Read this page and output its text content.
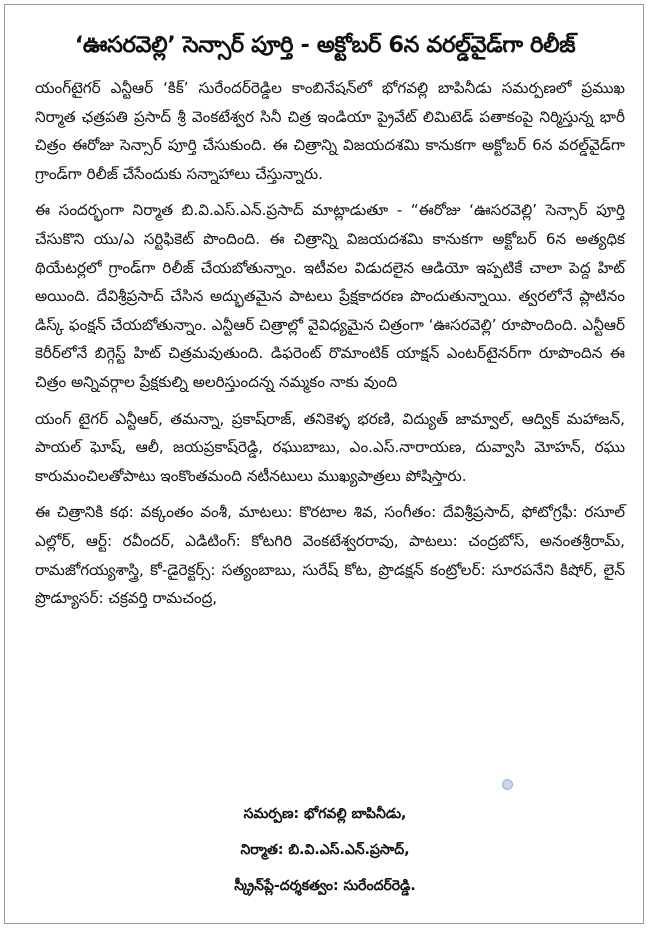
‘ఊసరవెల్లి’ సెన్సార్ పూర్తి - అక్టోబర్ 6న వరల్డ్‌వైడ్‌గా రిలీజ్

యంగ్‌టైగర్ ఎన్టీఆర్ ‘కిక్’ సురేందర్‌రెడ్డిల కాంబినేషన్‌లో భోగవల్లి బాపినీడు సమర్పణలో ప్రముఖ నిర్మాత ఛత్రపతి ప్రసాద్ శ్రీ వెంకటేశ్వర సినీ చిత్ర ఇండియా ప్రైవేట్ లిమిటెడ్ పతాకంపై నిర్మిస్తున్న భారీ చిత్రం ఈరోజు సెన్సార్ పూర్తి చేసుకుంది. ఈ చిత్రాన్ని విజయదశమి కానుకగా అక్టోబర్ 6న వరల్డ్‌వైడ్‌గా గ్రాండ్‌గా రిలీజ్ చేసేందుకు సన్నాహాలు చేస్తున్నారు.

ఈ సందర్భంగా నిర్మాత బి.వి.ఎస్.ఎన్.ప్రసాద్ మాట్లాడుతూ - “ఈరోజు ‘ఊసరవెల్లి’ సెన్సార్ పూర్తి చేసుకొని యు/ఎ సర్టిఫికెట్ పొందింది. ఈ చిత్రాన్ని విజయదశమి కానుకగా అక్టోబర్ 6న అత్యధిక థియేటర్లలో గ్రాండ్‌గా రిలీజ్ చేయబోతున్నాం. ఇటీవల విడుదలైన ఆడియో ఇప్పటికే చాలా పెద్ద హిట్ అయింది. దేవిశ్రీప్రసాద్ చేసిన అద్భుతమైన పాటలు ప్రేక్షకాదరణ పొందుతున్నాయి. త్వరలోనే ప్లాటినం డిస్క్ ఫంక్షన్ చేయబోతున్నాం. ఎన్టీఆర్ చిత్రాల్లో వైవిధ్యమైన చిత్రంగా ‘ఊసరవెల్లి’ రూపొందింది. ఎన్టీఆర్ కెరీర్‌లోనే బిగ్గెస్ట్ హిట్ చిత్రమవుతుంది. డిఫరెంట్ రొమాంటిక్ యాక్షన్ ఎంటర్‌టైనర్‌గా రూపొందిన ఈ చిత్రం అన్నివర్గాల ప్రేక్షకుల్ని అలరిస్తుందన్న నమ్మకం నాకు వుంది

యంగ్ టైగర్ ఎన్టీఆర్, తమన్నా, ప్రకాష్‌రాజ్, తనికెళ్ళ భరణి, విద్యుత్ జామ్వాల్, ఆద్విక్ మహాజన్, పాయల్ ఘోష్, ఆలీ, జయప్రకాష్‌రెడ్డి, రఘుబాబు, ఎం.ఎస్.నారాయణ, దువ్వాసి మోహన్, రఘు కారుమంచిలతోపాటు ఇంకొంతమంది నటీనటులు ముఖ్యపాత్రలు పోషిస్తారు.

ఈ చిత్రానికి కథ: వక్కంతం వంశీ, మాటలు: కొరటాల శివ, సంగీతం: దేవిశ్రీప్రసాద్, ఫోటోగ్రఫీ: రసూల్ ఎల్లోర్, ఆర్ట్: రవీందర్, ఎడిటింగ్: కోటగిరి వెంకటేశ్వరరావు, పాటలు: చంద్రబోస్, అనంతశ్రీరామ్, రామజోగయ్యశాస్త్రి, కో-డైరెక్టర్స్: సత్యంబాబు, సురేష్ కోట, ప్రొడక్షన్ కంట్రోలర్: సూరపనేని కిషోర్, లైన్ ప్రొడ్యూసర్: చక్రవర్తి రామచంద్ర,

సమర్పణ: భోగవల్లి బాపినీడు,
నిర్మాత: బి.వి.ఎస్.ఎన్.ప్రసాద్,
స్క్రీన్‌ప్లే-దర్శకత్వం: సురేందర్‌రెడ్డి.
